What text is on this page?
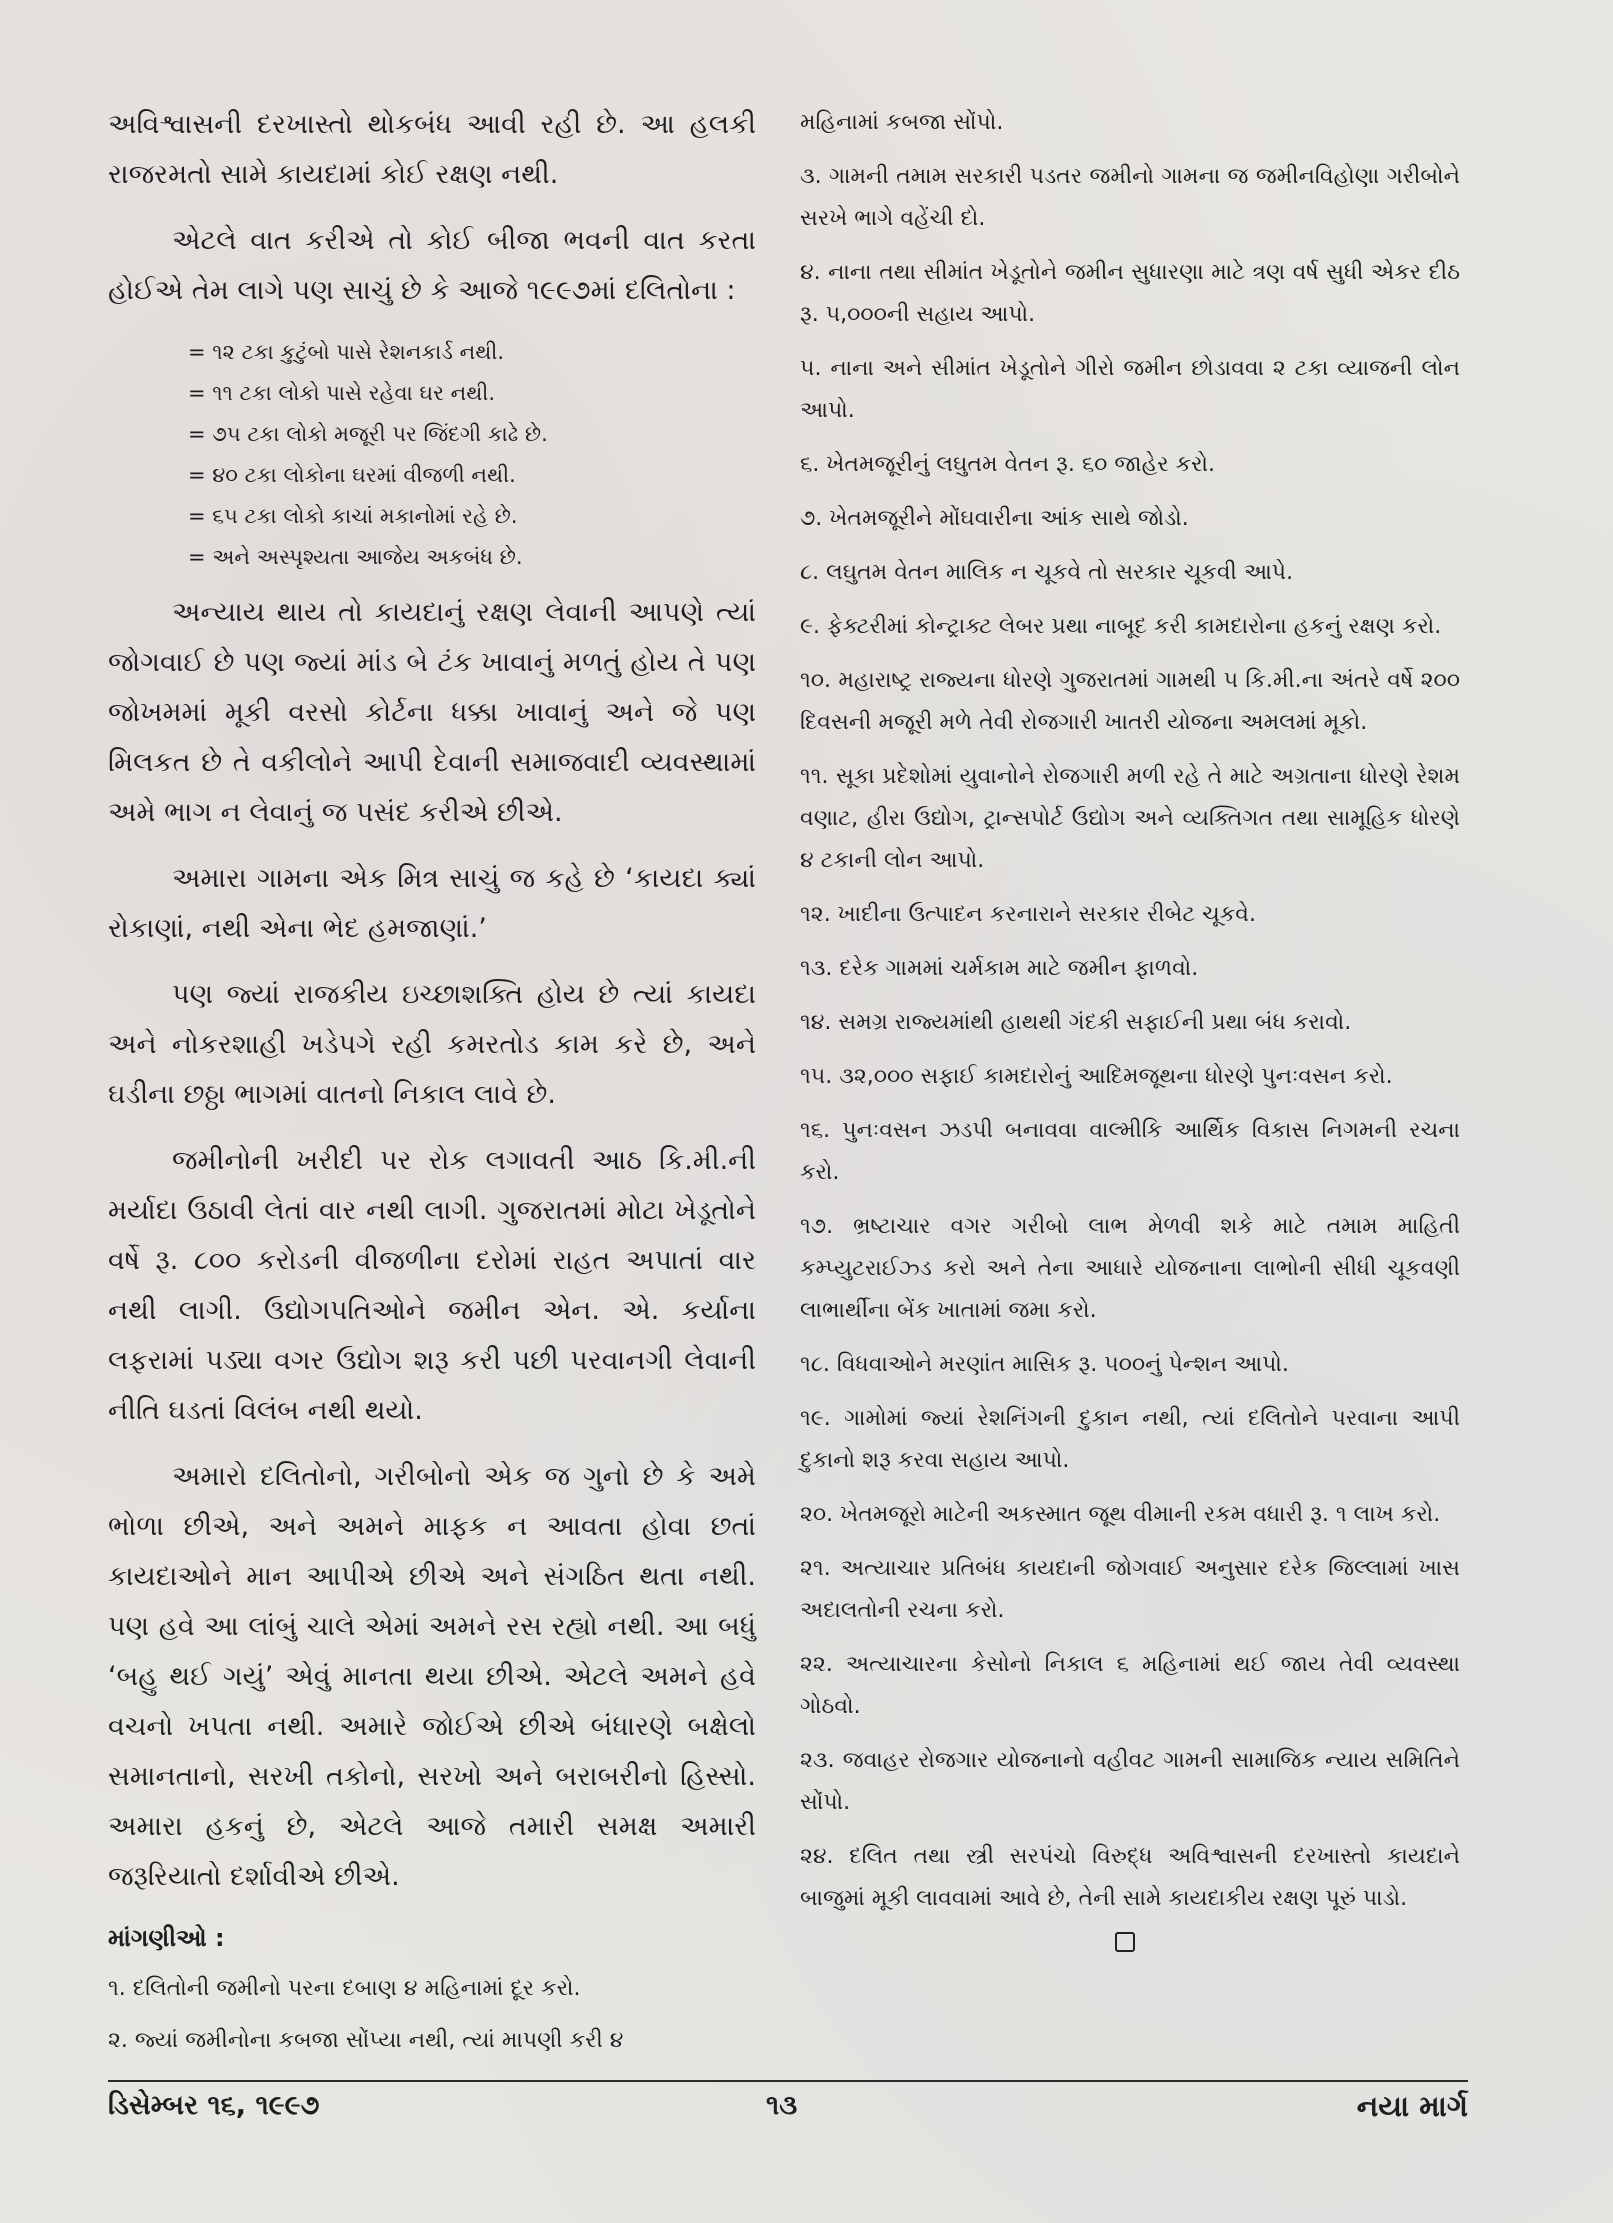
અવિશ્વાસની દરખાસ્તો થોકબંધ આવી રહી છે. આ હલકી રાજરમતો સામે કાયદામાં કોઈ રક્ષણ નથી.

એટલે વાત કરીએ તો કોઈ બીજા ભવની વાત કરતા હોઈએ તેમ લાગે પણ સાચું છે કે આજે ૧૯૯૭માં દલિતોના :

= ૧૨ ટકા કુટુંબો પાસે રેશનકાર્ડ નથી.
= ૧૧ ટકા લોકો પાસે રહેવા ઘર નથી.
= ૭૫ ટકા લોકો મજૂરી પર જિંદગી કાઢે છે.
= ૪૦ ટકા લોકોના ઘરમાં વીજળી નથી.
= ૬૫ ટકા લોકો કાચાં મકાનોમાં રહે છે.
= અને અસ્પૃશ્યતા આજેય અકબંધ છે.

અન્યાય થાય તો કાયદાનું રક્ષણ લેવાની આપણે ત્યાં જોગવાઈ છે પણ જ્યાં માંડ બે ટંક ખાવાનું મળતું હોય તે પણ જોખમમાં મૂકી વરસો કોર્ટના ધક્કા ખાવાનું અને જે પણ મિલકત છે તે વકીલોને આપી દેવાની સમાજવાદી વ્યવસ્થામાં અમે ભાગ ન લેવાનું જ પસંદ કરીએ છીએ.

અમારા ગામના એક મિત્ર સાચું જ કહે છે ‘કાયદા ક્યાં રોકાણાં, નથી એના ભેદ હમજાણાં.’

પણ જ્યાં રાજકીય ઇચ્છાશક્તિ હોય છે ત્યાં કાયદા અને નોકરશાહી ખડેપગે રહી કમરતોડ કામ કરે છે, અને ઘડીના છઠ્ઠા ભાગમાં વાતનો નિકાલ લાવે છે.

જમીનોની ખરીદી પર રોક લગાવતી આઠ કિ.મી.ની મર્યાદા ઉઠાવી લેતાં વાર નથી લાગી. ગુજરાતમાં મોટા ખેડૂતોને વર્ષે રૂ. ૮૦૦ કરોડની વીજળીના દરોમાં રાહત અપાતાં વાર નથી લાગી. ઉદ્યોગપતિઓને જમીન એન. એ. કર્યાના લફરામાં પડ્યા વગર ઉદ્યોગ શરૂ કરી પછી પરવાનગી લેવાની નીતિ ઘડતાં વિલંબ નથી થયો.

અમારો દલિતોનો, ગરીબોનો એક જ ગુનો છે કે અમે ભોળા છીએ, અને અમને માફક ન આવતા હોવા છતાં કાયદાઓને માન આપીએ છીએ અને સંગઠિત થતા નથી. પણ હવે આ લાંબું ચાલે એમાં અમને રસ રહ્યો નથી. આ બધું ‘બહુ થઈ ગયું’ એવું માનતા થયા છીએ. એટલે અમને હવે વચનો ખપતા નથી. અમારે જોઈએ છીએ બંધારણે બક્ષેલો સમાનતાનો, સરખી તકોનો, સરખો અને બરાબરીનો હિસ્સો. અમારા હકનું છે, એટલે આજે તમારી સમક્ષ અમારી જરૂરિયાતો દર્શાવીએ છીએ.

માંગણીઓ :
૧. દલિતોની જમીનો પરના દબાણ ૪ મહિનામાં દૂર કરો.
૨. જ્યાં જમીનોના કબજા સોંપ્યા નથી, ત્યાં માપણી કરી ૪

મહિનામાં કબજા સોંપો.

૩. ગામની તમામ સરકારી પડતર જમીનો ગામના જ જમીનવિહોણા ગરીબોને સરખે ભાગે વહેંચી દો.

૪. નાના તથા સીમાંત ખેડૂતોને જમીન સુધારણા માટે ત્રણ વર્ષ સુધી એકર દીઠ રૂ. ૫,૦૦૦ની સહાય આપો.

૫. નાના અને સીમાંત ખેડૂતોને ગીરો જમીન છોડાવવા ૨ ટકા વ્યાજની લોન આપો.

૬. ખેતમજૂરીનું લઘુતમ વેતન રૂ. ૬૦ જાહેર કરો.

૭. ખેતમજૂરીને મોંઘવારીના આંક સાથે જોડો.

૮. લઘુતમ વેતન માલિક ન ચૂકવે તો સરકાર ચૂકવી આપે.

૯. ફેક્ટરીમાં કોન્ટ્રાક્ટ લેબર પ્રથા નાબૂદ કરી કામદારોના હકનું રક્ષણ કરો.

૧૦. મહારાષ્ટ્ર રાજ્યના ધોરણે ગુજરાતમાં ગામથી ૫ કિ.મી.ના અંતરે વર્ષે ૨૦૦ દિવસની મજૂરી મળે તેવી રોજગારી ખાતરી યોજના અમલમાં મૂકો.

૧૧. સૂકા પ્રદેશોમાં યુવાનોને રોજગારી મળી રહે તે માટે અગ્રતાના ધોરણે રેશમ વણાટ, હીરા ઉદ્યોગ, ટ્રાન્સપોર્ટ ઉદ્યોગ અને વ્યક્તિગત તથા સામૂહિક ધોરણે ૪ ટકાની લોન આપો.

૧૨. ખાદીના ઉત્પાદન કરનારાને સરકાર રીબેટ ચૂકવે.

૧૩. દરેક ગામમાં ચર્મકામ માટે જમીન ફાળવો.

૧૪. સમગ્ર રાજ્યમાંથી હાથથી ગંદકી સફાઈની પ્રથા બંધ કરાવો.

૧૫. ૩૨,૦૦૦ સફાઈ કામદારોનું આદિમજૂથના ધોરણે પુનઃવસન કરો.

૧૬. પુનઃવસન ઝડપી બનાવવા વાલ્મીકિ આર્થિક વિકાસ નિગમની રચના કરો.

૧૭. ભ્રષ્ટાચાર વગર ગરીબો લાભ મેળવી શકે માટે તમામ માહિતી કમ્પ્યુટરાઈઝ્ડ કરો અને તેના આધારે યોજનાના લાભોની સીધી ચૂકવણી લાભાર્થીના બેંક ખાતામાં જમા કરો.

૧૮. વિધવાઓને મરણાંત માસિક રૂ. ૫૦૦નું પેન્શન આપો.

૧૯. ગામોમાં જ્યાં રેશનિંગની દુકાન નથી, ત્યાં દલિતોને પરવાના આપી દુકાનો શરૂ કરવા સહાય આપો.

૨૦. ખેતમજૂરો માટેની અકસ્માત જૂથ વીમાની રકમ વધારી રૂ. ૧ લાખ કરો.

૨૧. અત્યાચાર પ્રતિબંધ કાયદાની જોગવાઈ અનુસાર દરેક જિલ્લામાં ખાસ અદાલતોની રચના કરો.

૨૨. અત્યાચારના કેસોનો નિકાલ ૬ મહિનામાં થઈ જાય તેવી વ્યવસ્થા ગોઠવો.

૨૩. જવાહર રોજગાર યોજનાનો વહીવટ ગામની સામાજિક ન્યાય સમિતિને સોંપો.

૨૪. દલિત તથા સ્ત્રી સરપંચો વિરુદ્ધ અવિશ્વાસની દરખાસ્તો કાયદાને બાજુમાં મૂકી લાવવામાં આવે છે, તેની સામે કાયદાકીય રક્ષણ પૂરું પાડો.

ડિસેમ્બર ૧૬, ૧૯૯૭	૧૩	નયા માર્ગ
